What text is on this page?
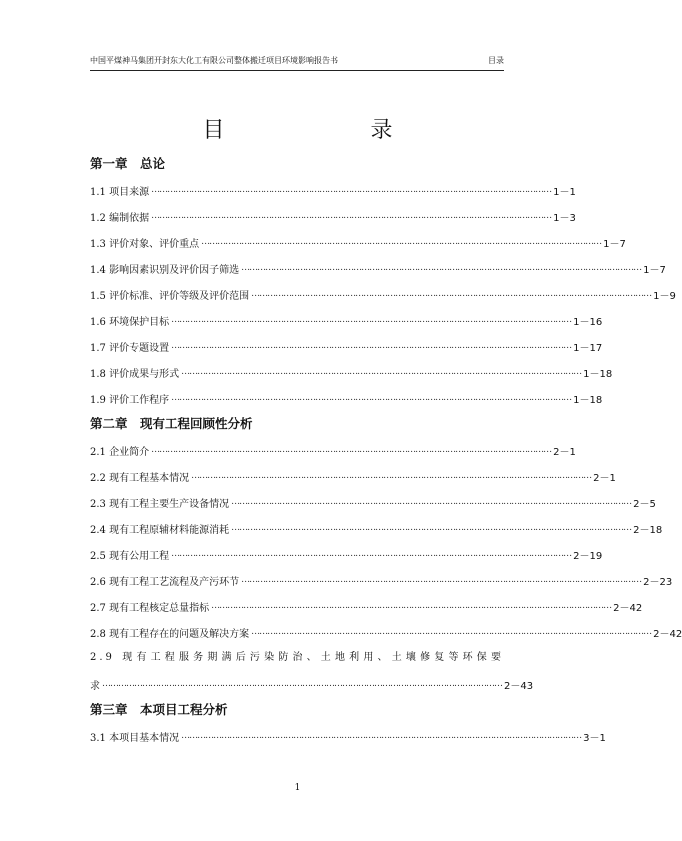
中国平煤神马集团开封东大化工有限公司整体搬迁项目环境影响报告书	目录
目　　录
第一章　总论
1.1 项目来源 …………………………………………………………………………………………………………………………………… 1－1
1.2 编制依据 …………………………………………………………………………………………………………………………………… 1－3
1.3 评价对象、评价重点 …………………………………………………………………………………………………………………………………… 1－7
1.4 影响因素识别及评价因子筛选 …………………………………………………………………………………………………………………………………… 1－7
1.5 评价标准、评价等级及评价范围 …………………………………………………………………………………………………………………………………… 1－9
1.6 环境保护目标 …………………………………………………………………………………………………………………………………… 1－16
1.7 评价专题设置 …………………………………………………………………………………………………………………………………… 1－17
1.8 评价成果与形式 …………………………………………………………………………………………………………………………………… 1－18
1.9 评价工作程序 …………………………………………………………………………………………………………………………………… 1－18
第二章　现有工程回顾性分析
2.1 企业简介 …………………………………………………………………………………………………………………………………… 2－1
2.2 现有工程基本情况 …………………………………………………………………………………………………………………………………… 2－1
2.3 现有工程主要生产设备情况 …………………………………………………………………………………………………………………………………… 2－5
2.4 现有工程原辅材料能源消耗 …………………………………………………………………………………………………………………………………… 2－18
2.5 现有公用工程 …………………………………………………………………………………………………………………………………… 2－19
2.6 现有工程工艺流程及产污环节 …………………………………………………………………………………………………………………………………… 2－23
2.7 现有工程核定总量指标 …………………………………………………………………………………………………………………………………… 2－42
2.8 现有工程存在的问题及解决方案 …………………………………………………………………………………………………………………………………… 2－42
2.9 现有工程服务期满后污染防治、土地利用、土壤修复等环保要
求 …………………………………………………………………………………………………………………………………… 2－43
第三章　本项目工程分析
3.1 本项目基本情况 …………………………………………………………………………………………………………………………………… 3－1
1
